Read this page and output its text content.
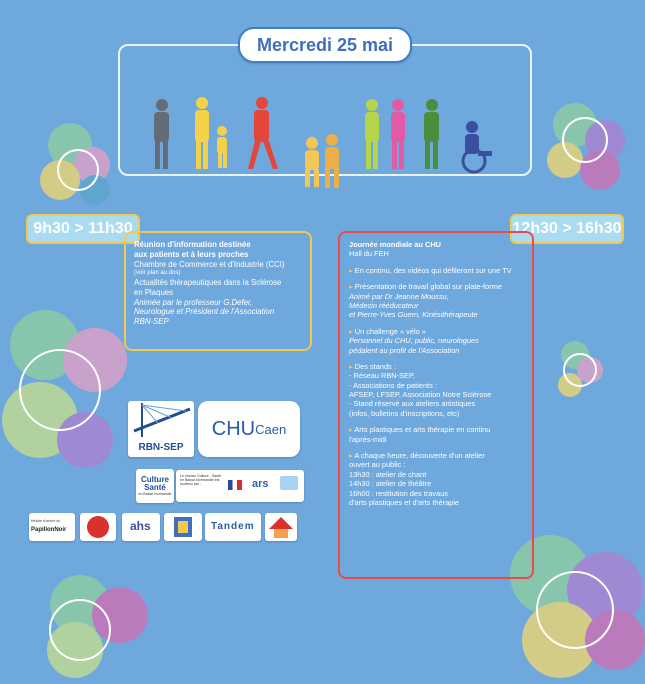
Mercredi 25 mai
9h30 > 11h30	12h30 > 16h30
Réunion d'information destinée
aux patients et à leurs proches
Chambre de Commerce et d'Industrie (CCI)
(voir plan au dos)
Actualités thérapeutiques dans la Sclérose
en Plaques
Animée par le professeur G.Defer,
Neurologue et Président de l'Association
RBN-SEP
Journée mondiale au CHU
Hall du FEH
▸ En continu, des vidéos qui défileront sur une TV
▸ Présentation de travail global sur plate-forme
Animé par Dr Jeanne Moussu,
Médecin rééducateur
et Pierre-Yves Guern, Kinésithérapeute
▸ Un challenge « vélo »
Personnel du CHU, public, neurologues
pédalent au profit de l'Association
▸ Des stands :
- Réseau RBN-SEP,
- Associations de patients :
AFSEP, LFSEP, Association Notre Sclérose
- Stand réservé aux ateliers artistiques
(infos, bulletins d'inscriptions, etc)
▸ Arts plastiques et arts thérapie en continu
l'après-midi
▸ A chaque heure, découverte d'un atelier
ouvert au public :
13h30 : atelier de chant
14h30 : atelier de théâtre
16h00 : restitution des travaux
d'arts plastiques et d'arts thérapie
RBN-SEP
CHU Caen
Culture
Santé
en Basse-Normandie
Le réseau Culture - Santé en Basse-Normandie est soutenu par :	ars
théâtre d'ombre du
PapillonNoir	ahs	Tandem
